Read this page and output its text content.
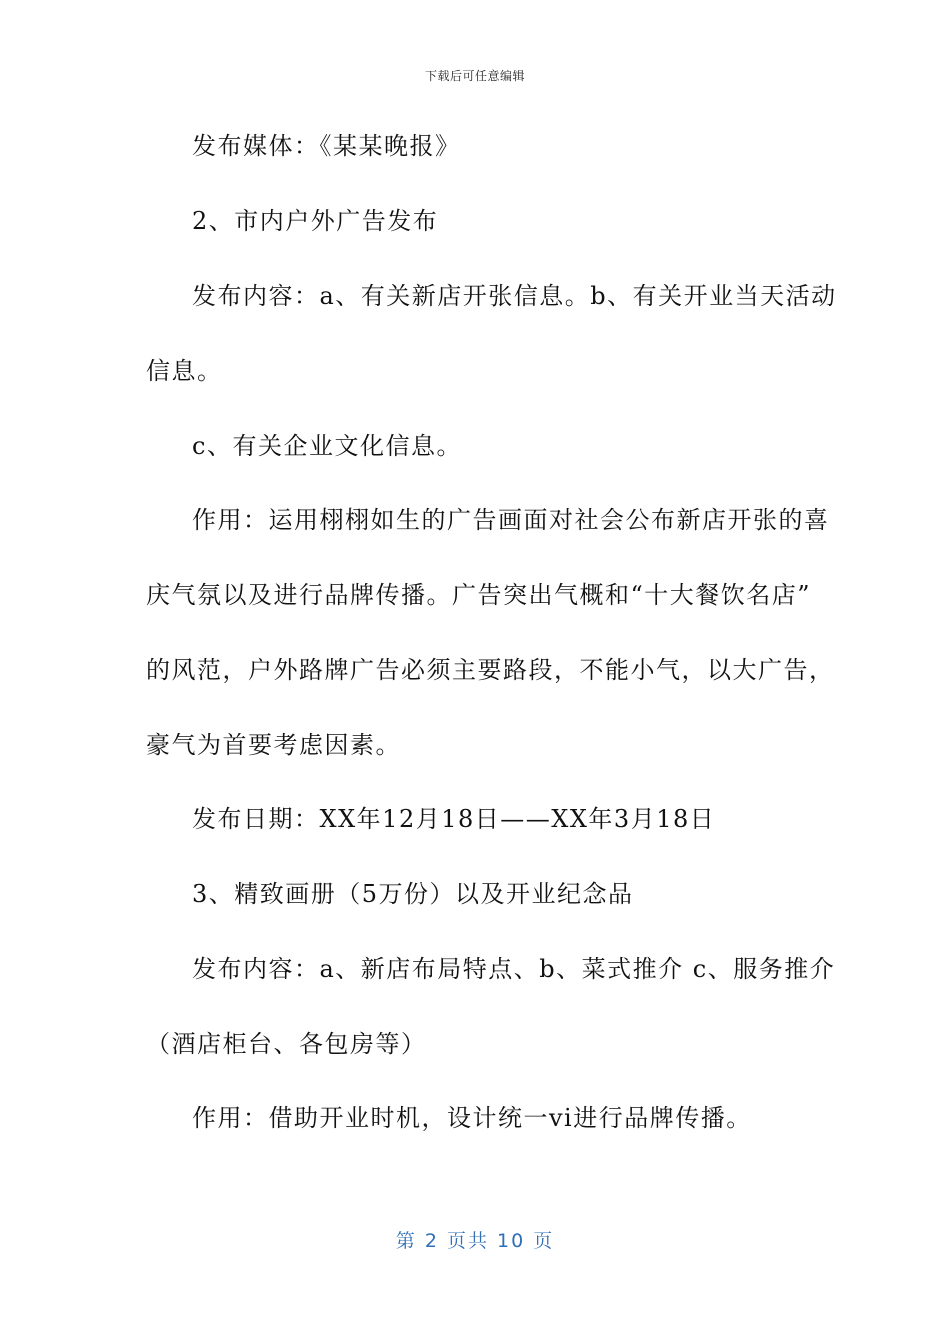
下载后可任意编辑
发布媒体：《某某晚报》
2、市内户外广告发布
发布内容：a、有关新店开张信息。b、有关开业当天活动
信息。
c、有关企业文化信息。
作用：运用栩栩如生的广告画面对社会公布新店开张的喜
庆气氛以及进行品牌传播。广告突出气概和“十大餐饮名店”
的风范，户外路牌广告必须主要路段，不能小气，以大广告，
豪气为首要考虑因素。
发布日期：XX年12月18日——XX年3月18日
3、精致画册（5万份）以及开业纪念品
发布内容：a、新店布局特点、b、菜式推介 c、服务推介
（酒店柜台、各包房等）
作用：借助开业时机，设计统一vi进行品牌传播。
第 2 页共 10 页
